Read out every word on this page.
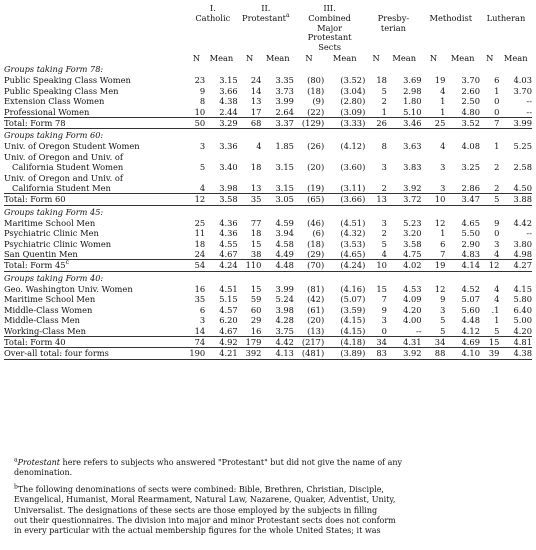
	I.
Catholic		II.
Protestant$^a$		III.
Combined
Major
Protestant
Sects		Presby-
terian		Methodist		Lutheran	
	N	Mean	N	Mean	N	Mean	N	Mean	N	Mean	N	Mean
Groups taking Form 78:												
Public Speaking Class Women	23	3.15	24	3.35	(80)	(3.52)	18	3.69	19	3.70	6	4.03
Public Speaking Class Men	9	3.66	14	3.73	(18)	(3.04)	5	2.98	4	2.60	1	3.70
Extension Class Women	8	4.38	13	3.99	(9)	(2.80)	2	1.80	1	2.50	0	--
Professional Women	10	2.44	17	2.64	(22)	(3.09)	1	5.10	1	4.80	0	--
Total: Form 78	50	3.29	68	3.37	(129)	(3.33)	26	3.46	25	3.52	7	3.99
Groups taking Form 60:												
Univ. of Oregon Student Women	3	3.36	4	1.85	(26)	(4.12)	8	3.63	4	4.08	1	5.25
Univ. of Oregon and Univ. of
California Student Women	5	3.40	18	3.15	(20)	(3.60)	3	3.83	3	3.25	2	2.58
Univ. of Oregon and Univ. of
California Student Men	4	3.98	13	3.15	(19)	(3.11)	2	3.92	3	2.86	2	4.50
Total: Form 60	12	3.58	35	3.05	(65)	(3.66)	13	3.72	10	3.47	5	3.88
Groups taking Form 45:												
Maritime School Men	25	4.36	77	4.59	(46)	(4.51)	3	5.23	12	4.65	9	4.42
Psychiatric Clinic Men	11	4.36	18	3.94	(6)	(4.32)	2	3.20	1	5.50	0	--
Psychiatric Clinic Women	18	4.55	15	4.58	(18)	(3.53)	5	3.58	6	2.90	3	3.80
San Quentin Men	24	4.67	38	4.49	(29)	(4.65)	4	4.75	7	4.83	4	4.98
Total: Form 45$^c$	54	4.24	110	4.48	(70)	(4.24)	10	4.02	19	4.14	12	4.27
Groups taking Form 40:												
Geo. Washington Univ. Women	16	4.51	15	3.99	(81)	(4.16)	15	4.53	12	4.52	4	4.15
Maritime School Men	35	5.15	59	5.24	(42)	(5.07)	7	4.09	9	5.07	4	5.80
Middle-Class Women	6	4.57	60	3.98	(61)	(3.59)	9	4.20	3	5.60	.1	6.40
Middle-Class Men	3	6.20	29	4.28	(20)	(4.15)	3	4.00	5	4.48	1	5.00
Working-Class Men	14	4.67	16	3.75	(13)	(4.15)	0	--	5	4.12	5	4.20
Total: Form 40	74	4.92	179	4.42	(217)	(4.18)	34	4.31	34	4.69	15	4.81
Over-all total: four forms	190	4.21	392	4.13	(481)	(3.89)	83	3.92	88	4.10	39	4.38

$^a$Protestant here refers to subjects who answered "Protestant" but did not give the name of any
denomination.

$^b$The following denominations of sects were combined: Bible, Brethren, Christian, Disciple,
Evangelical, Humanist, Moral Rearmament, Natural Law, Nazarene, Quaker, Adventist, Unity,
Universalist. The designations of these sects are those employed by the subjects in filling
out their questionnaires. The division into major and minor Protestant sects does not conform
in every particular with the actual membership figures for the whole United States; it was
